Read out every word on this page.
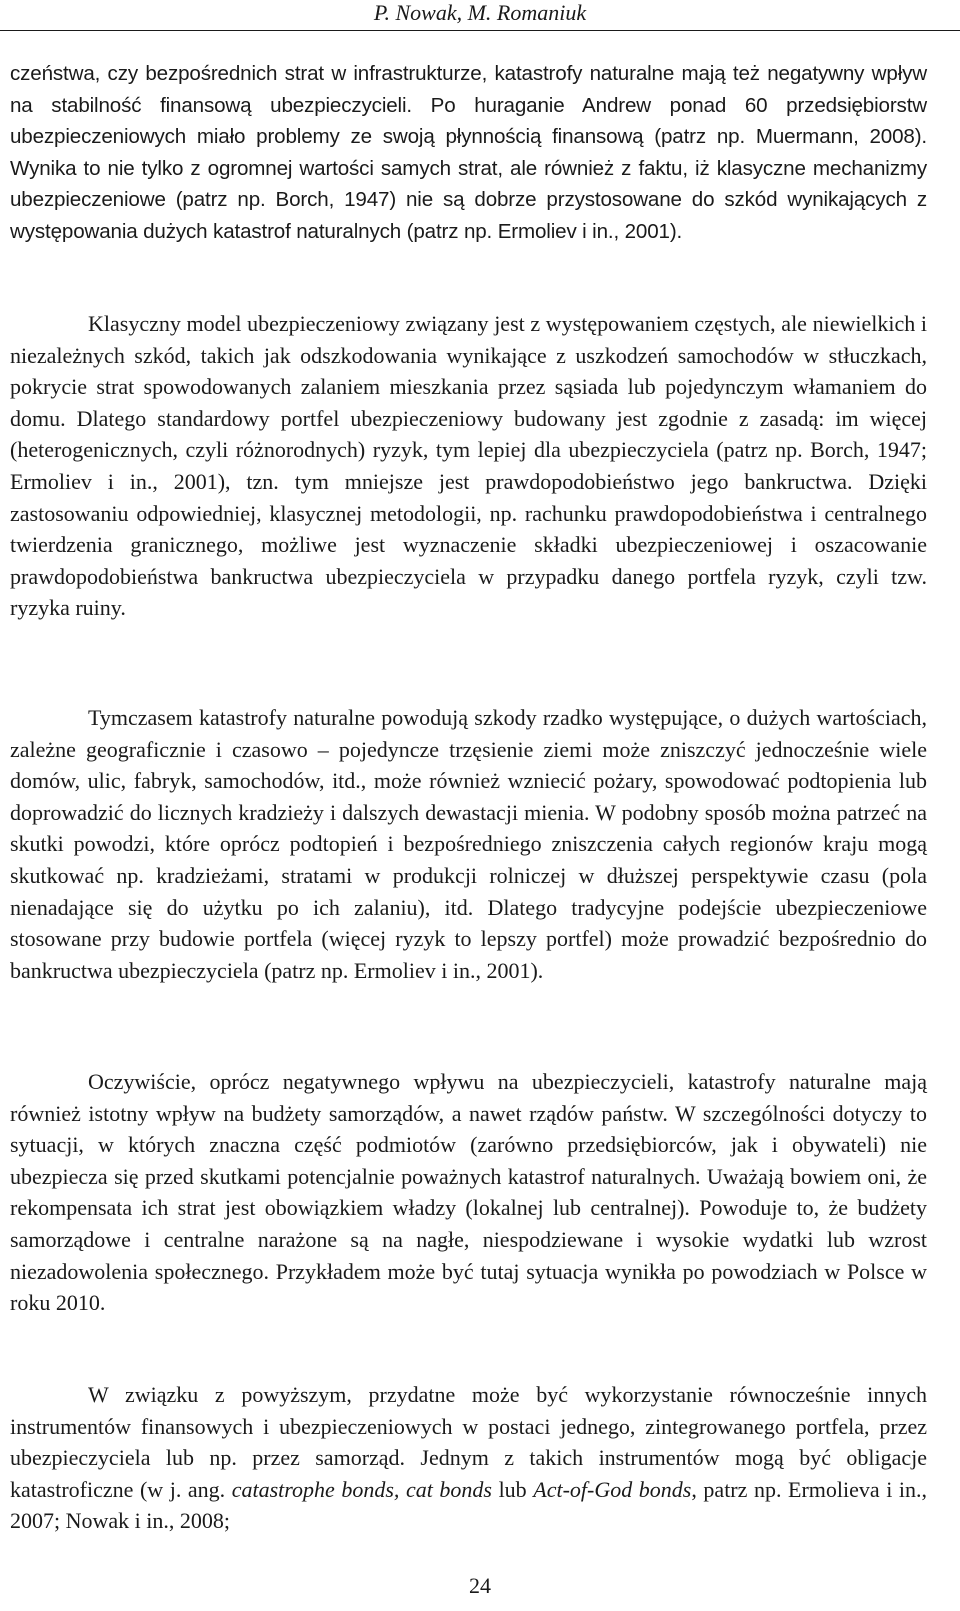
P. Nowak, M. Romaniuk

czeństwa, czy bezpośrednich strat w infrastrukturze, katastrofy naturalne mają też negatywny wpływ na stabilność finansową ubezpieczycieli. Po huraganie Andrew ponad 60 przedsiębiorstw ubezpieczeniowych miało problemy ze swoją płynnością finansową (patrz np. Muermann, 2008). Wynika to nie tylko z ogromnej wartości samych strat, ale również z faktu, iż klasyczne mechanizmy ubezpieczeniowe (patrz np. Borch, 1947) nie są dobrze przystosowane do szkód wynikających z występowania dużych katastrof naturalnych (patrz np. Ermoliev i in., 2001).

Klasyczny model ubezpieczeniowy związany jest z występowaniem częstych, ale niewielkich i niezależnych szkód, takich jak odszkodowania wynikające z uszkodzeń samochodów w stłuczkach, pokrycie strat spowodowanych zalaniem mieszkania przez sąsiada lub pojedynczym włamaniem do domu. Dlatego standardowy portfel ubezpieczeniowy budowany jest zgodnie z zasadą: im więcej (heterogenicznych, czyli różnorodnych) ryzyk, tym lepiej dla ubezpieczyciela (patrz np. Borch, 1947; Ermoliev i in., 2001), tzn. tym mniejsze jest prawdopodobieństwo jego bankructwa. Dzięki zastosowaniu odpowiedniej, klasycznej metodologii, np. rachunku prawdopodobieństwa i centralnego twierdzenia granicznego, możliwe jest wyznaczenie składki ubezpieczeniowej i oszacowanie prawdopodobieństwa bankructwa ubezpieczyciela w przypadku danego portfela ryzyk, czyli tzw. ryzyka ruiny.

Tymczasem katastrofy naturalne powodują szkody rzadko występujące, o dużych wartościach, zależne geograficznie i czasowo – pojedyncze trzęsienie ziemi może zniszczyć jednocześnie wiele domów, ulic, fabryk, samochodów, itd., może również wzniecić pożary, spowodować podtopienia lub doprowadzić do licznych kradzieży i dalszych dewastacji mienia. W podobny sposób można patrzeć na skutki powodzi, które oprócz podtopień i bezpośredniego zniszczenia całych regionów kraju mogą skutkować np. kradzieżami, stratami w produkcji rolniczej w dłuższej perspektywie czasu (pola nienadające się do użytku po ich zalaniu), itd. Dlatego tradycyjne podejście ubezpieczeniowe stosowane przy budowie portfela (więcej ryzyk to lepszy portfel) może prowadzić bezpośrednio do bankructwa ubezpieczyciela (patrz np. Ermoliev i in., 2001).

Oczywiście, oprócz negatywnego wpływu na ubezpieczycieli, katastrofy naturalne mają również istotny wpływ na budżety samorządów, a nawet rządów państw. W szczególności dotyczy to sytuacji, w których znaczna część podmiotów (zarówno przedsiębiorców, jak i obywateli) nie ubezpiecza się przed skutkami potencjalnie poważnych katastrof naturalnych. Uważają bowiem oni, że rekompensata ich strat jest obowiązkiem władzy (lokalnej lub centralnej). Powoduje to, że budżety samorządowe i centralne narażone są na nagłe, niespodziewane i wysokie wydatki lub wzrost niezadowolenia społecznego. Przykładem może być tutaj sytuacja wynikła po powodziach w Polsce w roku 2010.

W związku z powyższym, przydatne może być wykorzystanie równocześnie innych instrumentów finansowych i ubezpieczeniowych w postaci jednego, zintegrowanego portfela, przez ubezpieczyciela lub np. przez samorząd. Jednym z takich instrumentów mogą być obligacje katastroficzne (w j. ang. catastrophe bonds, cat bonds lub Act-of-God bonds, patrz np. Ermolieva i in., 2007; Nowak i in., 2008;

24
